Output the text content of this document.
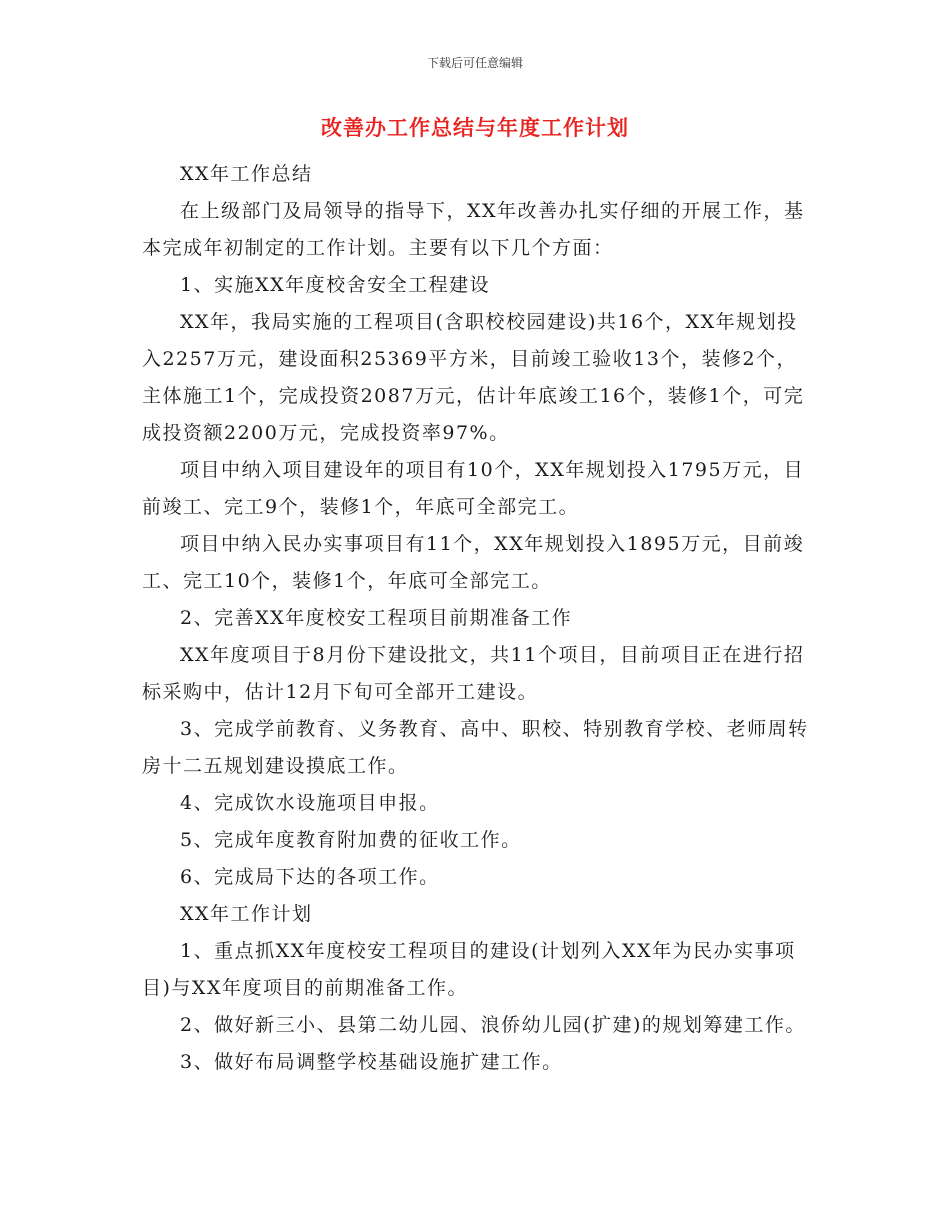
下载后可任意编辑
改善办工作总结与年度工作计划

XX年工作总结

在上级部门及局领导的指导下，XX年改善办扎实仔细的开展工作，基本完成年初制定的工作计划。主要有以下几个方面：

1、实施XX年度校舍安全工程建设

XX年，我局实施的工程项目(含职校校园建设)共16个，XX年规划投入2257万元，建设面积25369平方米，目前竣工验收13个，装修2个，主体施工1个，完成投资2087万元，估计年底竣工16个，装修1个，可完成投资额2200万元，完成投资率97%。

项目中纳入项目建设年的项目有10个，XX年规划投入1795万元，目前竣工、完工9个，装修1个，年底可全部完工。

项目中纳入民办实事项目有11个，XX年规划投入1895万元，目前竣工、完工10个，装修1个，年底可全部完工。

2、完善XX年度校安工程项目前期准备工作

XX年度项目于8月份下建设批文，共11个项目，目前项目正在进行招标采购中，估计12月下旬可全部开工建设。

3、完成学前教育、义务教育、高中、职校、特别教育学校、老师周转房十二五规划建设摸底工作。

4、完成饮水设施项目申报。

5、完成年度教育附加费的征收工作。

6、完成局下达的各项工作。

XX年工作计划

1、重点抓XX年度校安工程项目的建设(计划列入XX年为民办实事项目)与XX年度项目的前期准备工作。

2、做好新三小、县第二幼儿园、浪侨幼儿园(扩建)的规划筹建工作。

3、做好布局调整学校基础设施扩建工作。
